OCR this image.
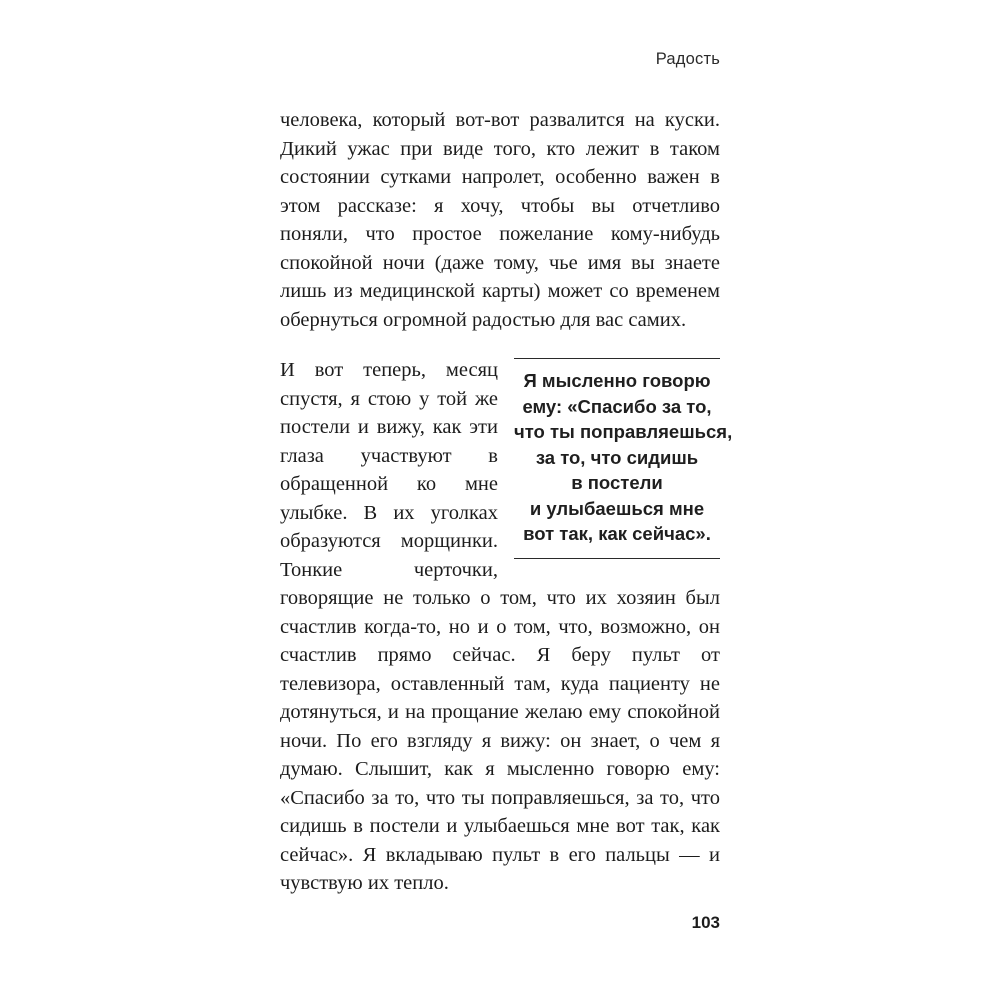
Радость

человека, который вот-вот развалится на куски. Дикий ужас при виде того, кто лежит в таком состоянии сутками напролет, особенно важен в этом рассказе: я хочу, чтобы вы отчетливо поняли, что простое пожелание кому-нибудь спокойной ночи (даже тому, чье имя вы знаете лишь из медицинской карты) может со временем обернуться огромной радостью для вас самих.

Я мысленно говорю
ему: «Спасибо за то,
что ты поправляешься,
за то, что сидишь
в постели
и улыбаешься мне
вот так, как сейчас».

И вот теперь, месяц спустя, я стою у той же постели и вижу, как эти глаза участвуют в обращенной ко мне улыбке. В их уголках образуются морщинки. Тонкие черточки, говорящие не только о том, что их хозяин был счастлив когда-то, но и о том, что, возможно, он счастлив прямо сейчас. Я беру пульт от телевизора, оставленный там, куда пациенту не дотянуться, и на прощание желаю ему спокойной ночи. По его взгляду я вижу: он знает, о чем я думаю. Слышит, как я мысленно говорю ему: «Спасибо за то, что ты поправляешься, за то, что сидишь в постели и улыбаешься мне вот так, как сейчас». Я вкладываю пульт в его пальцы — и чувствую их тепло.

103
